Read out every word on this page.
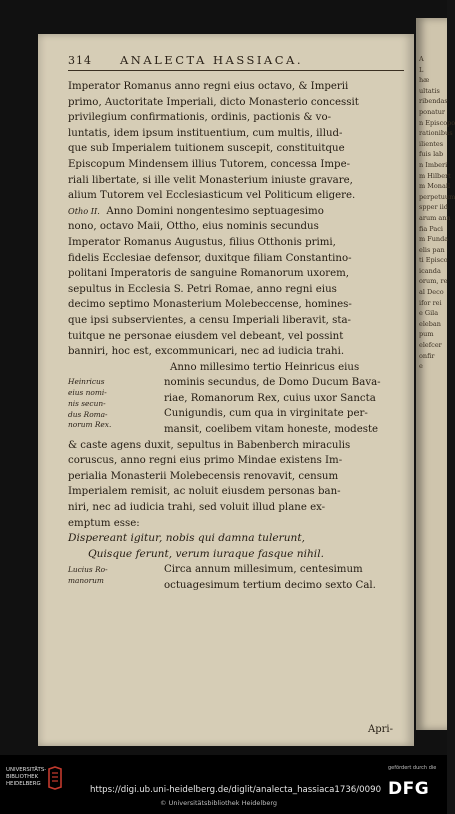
314 ANALECTA HASSIACA.
Imperator Romanus anno regni eius octavo, & Imperii
primo, Auctoritate Imperiali, dicto Monasterio concessit
privilegium confirmationis, ordinis, pactionis & vo-
luntatis, idem ipsum instituentium, cum multis, illud-
que sub Imperialem tuitionem suscepit, constituitque
Episcopum Mindensem illius Tutorem, concessa Impe-
riali libertate, si ille velit Monasterium iniuste gravare,
alium Tutorem vel Ecclesiasticum vel Politicum eligere.
Otho II. Anno Domini nongentesimo septuagesimo
nono, octavo Maii, Ottho, eius nominis secundus
Imperator Romanus Augustus, filius Otthonis primi,
fidelis Ecclesiae defensor, duxitque filiam Constantino-
politani Imperatoris de sanguine Romanorum uxorem,
sepultus in Ecclesia S. Petri Romae, anno regni eius
decimo septimo Monasterium Molebeccense, homines-
que ipsi subservientes, a censu Imperiali liberavit, sta-
tuitque ne personae eiusdem vel debeant, vel possint
banniri, hoc est, excommunicari, nec ad iudicia trahi.
Anno millesimo tertio Heinricus eius
Heinricus
eius nomi-
nis secun-
dus Roma-
norum Rex.
nominis secundus, de Domo Ducum Bava-
riae, Romanorum Rex, cuius uxor Sancta
Cunigundis, cum qua in virginitate per-
mansit, coelibem vitam honeste, modeste
& caste agens duxit, sepultus in Babenberch miraculis
coruscus, anno regni eius primo Mindae existens Im-
perialia Monasterii Molebecensis renovavit, censum
Imperialem remisit, ac noluit eiusdem personas ban-
niri, nec ad iudicia trahi, sed voluit illud plane ex-
emptum esse:
Dispereant igitur, nobis qui damna tulerunt,
Quisque ferunt, verum iuraque fasque nihil.
Lucius Ro-
manorum
Circa annum millesimum, centesimum
octuagesimum tertium decimo sexto Cal.
Apri-
A
L
hæ
ultatis
ribendas
ponatur
n Episcopo
rationibus
ilientes
fuis lab
n Imberi
m Hilbert
m Monail
perpetuum
spper iid
arum ann
fia Paci
m Funda
elis pan
ti Episco
icanda
orum, re
al Deco
ifor rei
e Gila
eleban
pum
elefcer
onfir
e
UNIVERSITÄTS-
BIBLIOTHEK
HEIDELBERG
https://digi.ub.uni-heidelberg.de/diglit/analecta_hassiaca1736/0090
© Universitätsbibliothek Heidelberg
gefördert durch die
DFG
